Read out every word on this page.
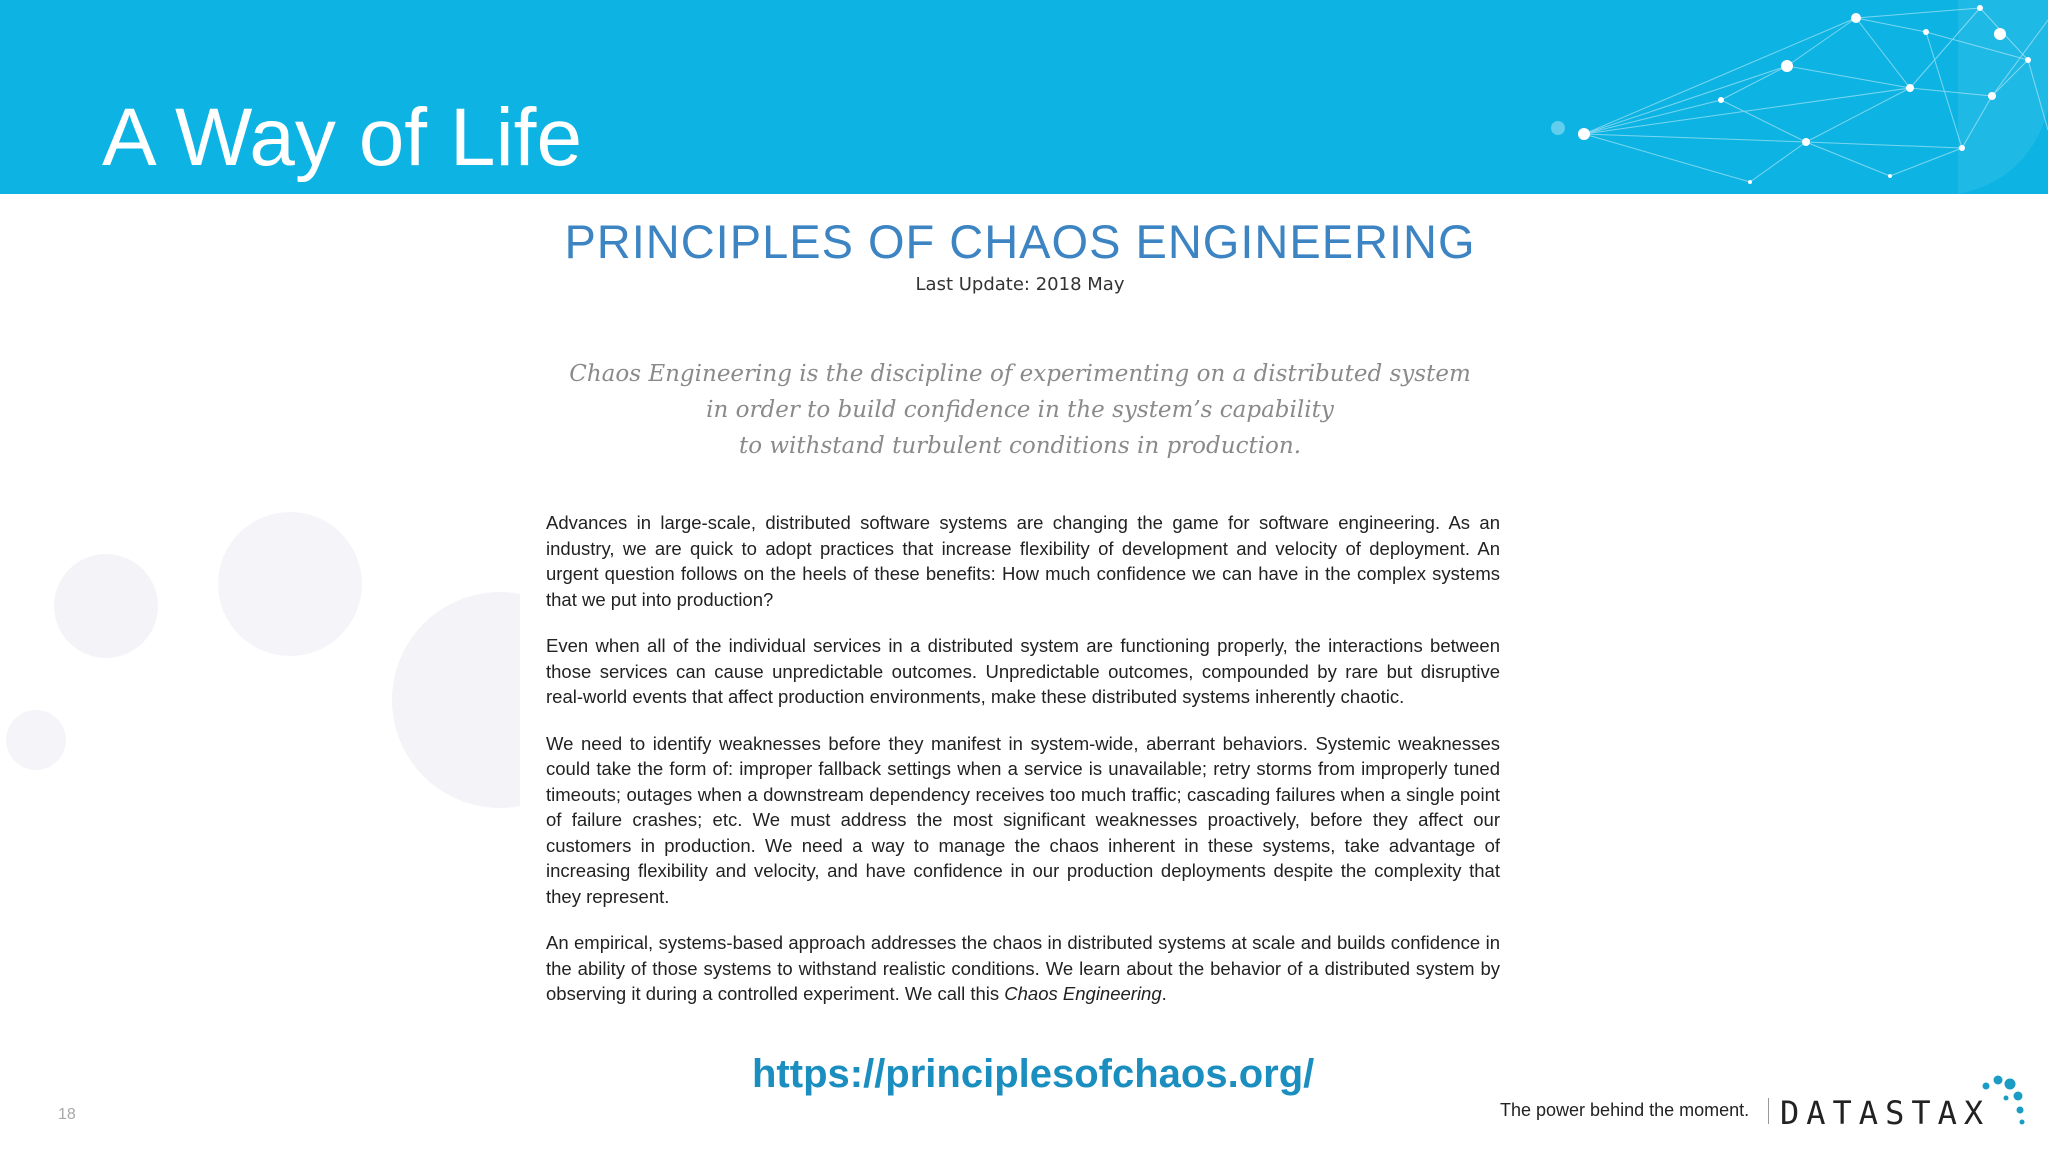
A Way of Life
PRINCIPLES OF CHAOS ENGINEERING
Last Update: 2018 May
Chaos Engineering is the discipline of experimenting on a distributed system
in order to build confidence in the system’s capability
to withstand turbulent conditions in production.

Advances in large-scale, distributed software systems are changing the game for software engineering. As an industry, we are quick to adopt practices that increase flexibility of development and velocity of deployment. An urgent question follows on the heels of these benefits: How much confidence we can have in the complex systems that we put into production?

Even when all of the individual services in a distributed system are functioning properly, the interactions between those services can cause unpredictable outcomes. Unpredictable outcomes, compounded by rare but disruptive real-world events that affect production environments, make these distributed systems inherently chaotic.

We need to identify weaknesses before they manifest in system-wide, aberrant behaviors. Systemic weaknesses could take the form of: improper fallback settings when a service is unavailable; retry storms from improperly tuned timeouts; outages when a downstream dependency receives too much traffic; cascading failures when a single point of failure crashes; etc. We must address the most significant weaknesses proactively, before they affect our customers in production. We need a way to manage the chaos inherent in these systems, take advantage of increasing flexibility and velocity, and have confidence in our production deployments despite the complexity that they represent.

An empirical, systems-based approach addresses the chaos in distributed systems at scale and builds confidence in the ability of those systems to withstand realistic conditions. We learn about the behavior of a distributed system by observing it during a controlled experiment. We call this Chaos Engineering.

https://principlesofchaos.org/
18	The power behind the moment. DATASTAX
